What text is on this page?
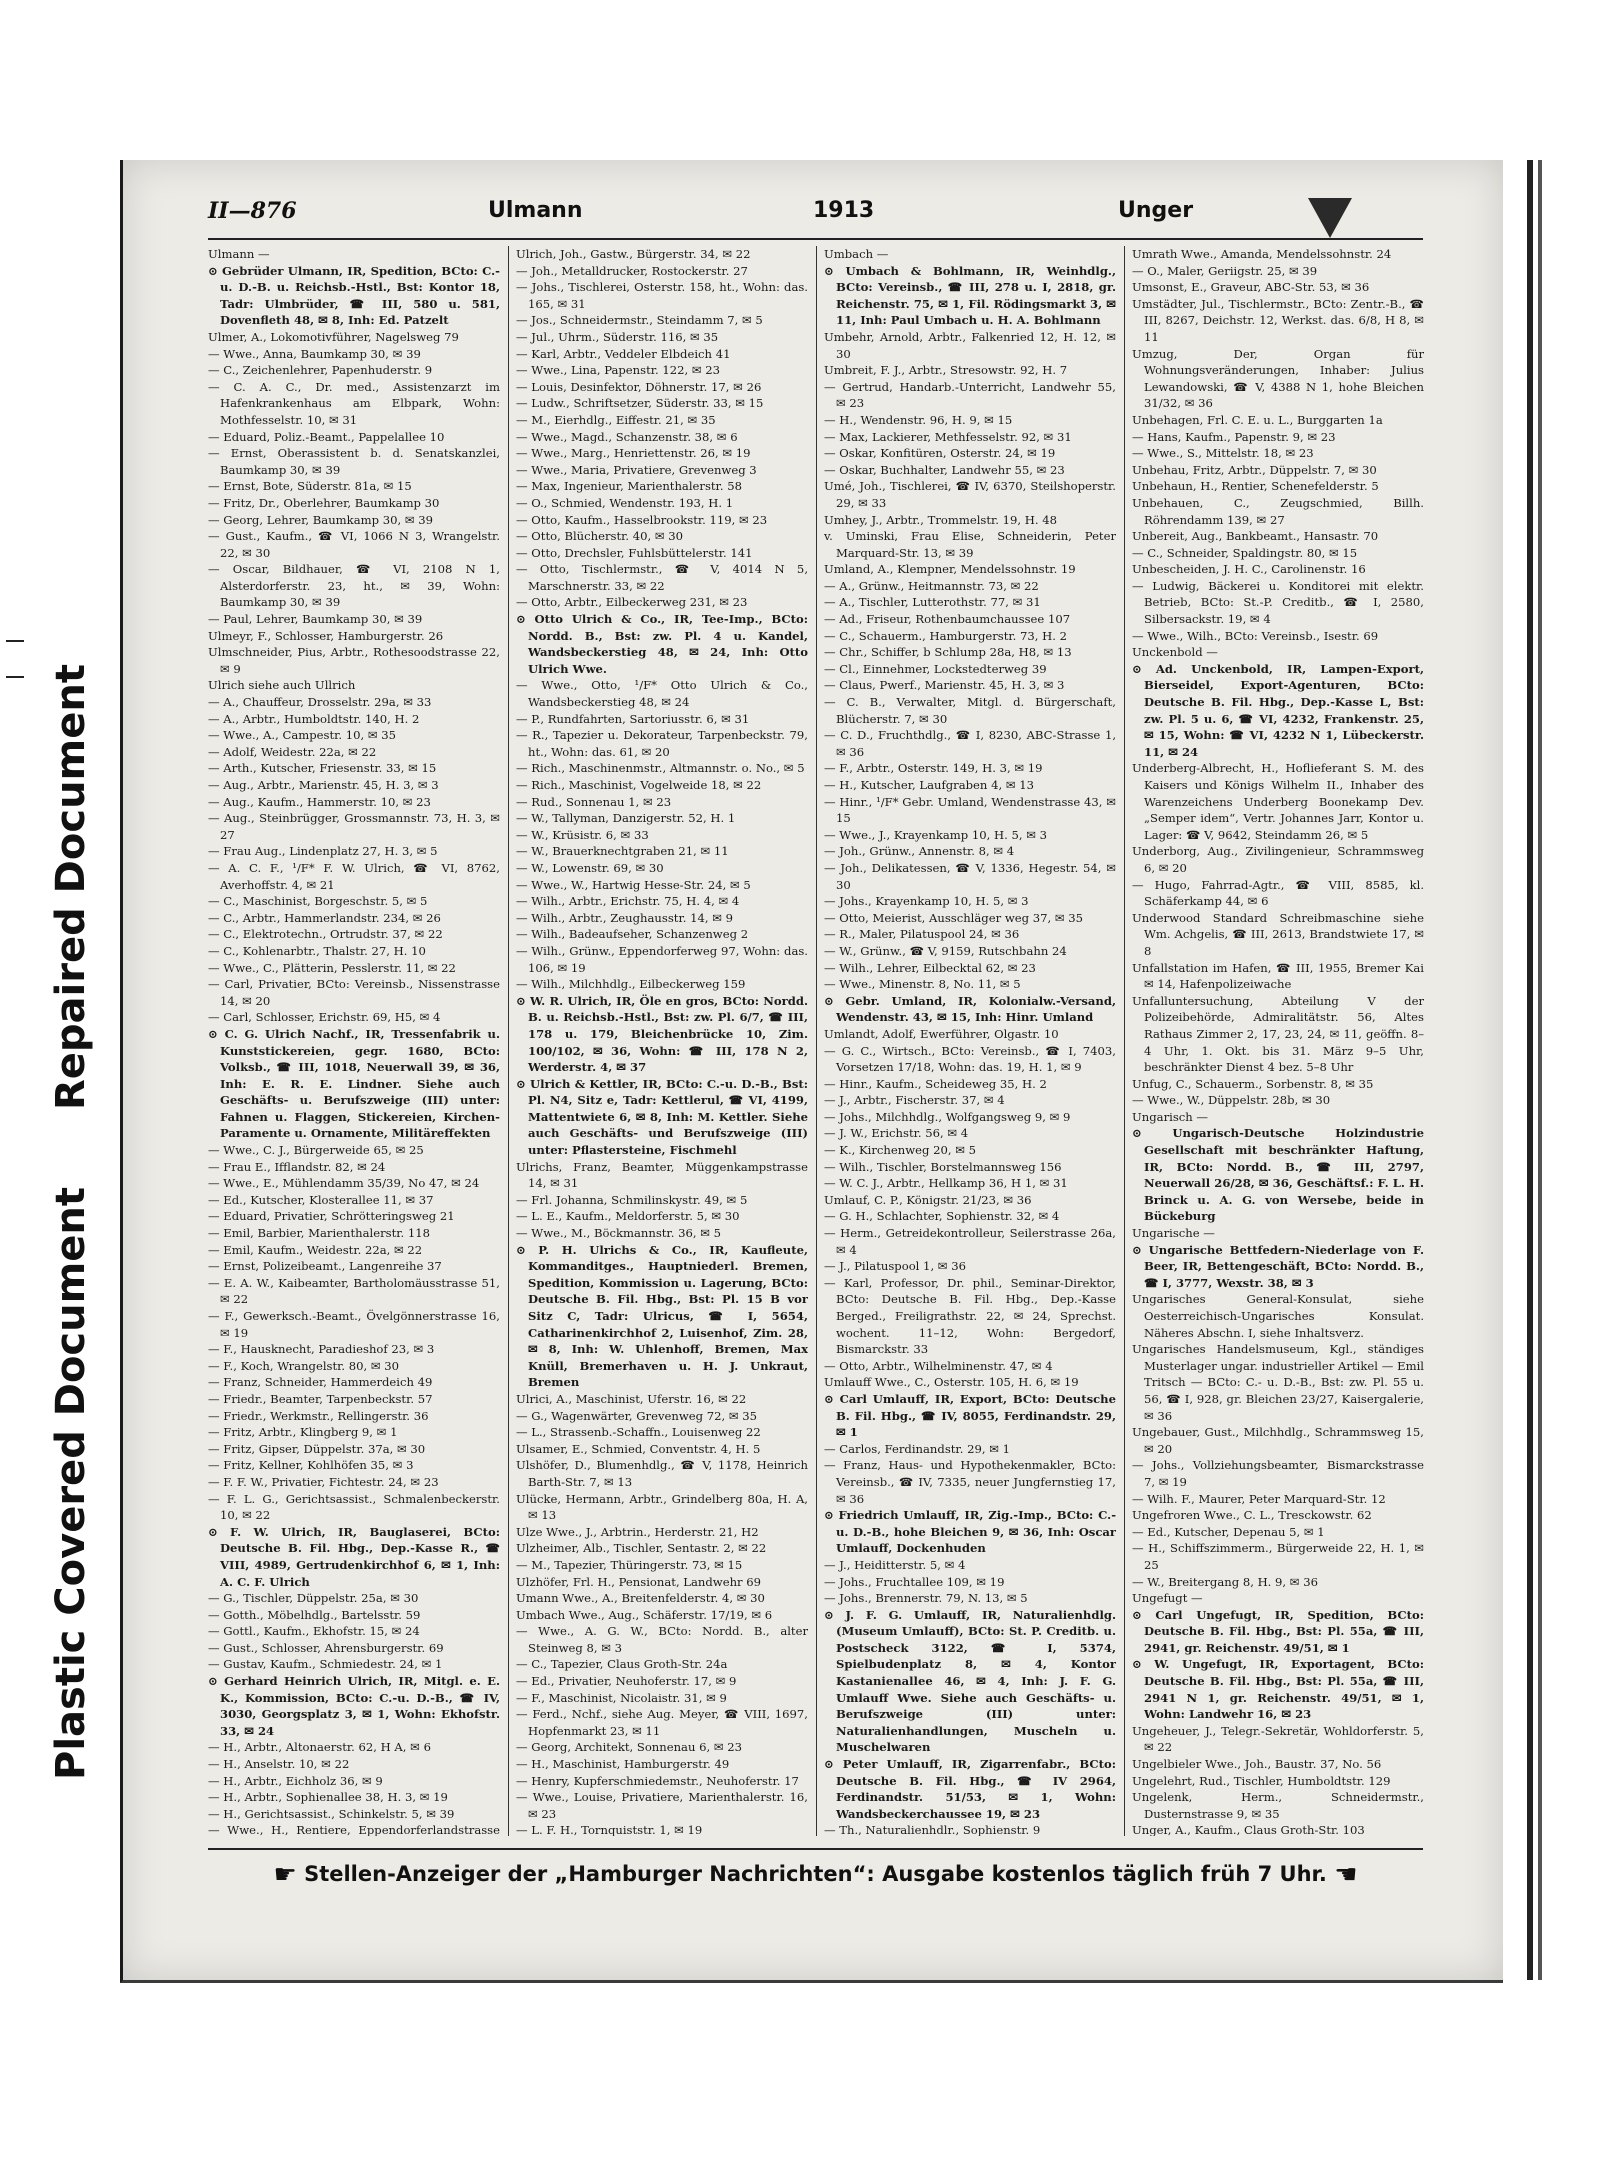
Repaired Document
Plastic Covered Document
II—876	Ulmann	1913	Unger

Ulmann —

⊙ Gebrüder Ulmann, IR, Spedition, BCto: C.-u. D.-B. u. Reichsb.-Hstl., Bst: Kontor 18, Tadr: Ulmbrüder, ☎ III, 580 u. 581, Dovenfleth 48, ✉ 8, Inh: Ed. Patzelt

Ulmer, A., Lokomotivführer, Nagelsweg 79

— Wwe., Anna, Baumkamp 30, ✉ 39

— C., Zeichenlehrer, Papenhuderstr. 9

— C. A. C., Dr. med., Assistenzarzt im Hafenkrankenhaus am Elbpark, Wohn: Mothfesselstr. 10, ✉ 31

— Eduard, Poliz.-Beamt., Pappelallee 10

— Ernst, Oberassistent b. d. Senatskanzlei, Baumkamp 30, ✉ 39

— Ernst, Bote, Süderstr. 81a, ✉ 15

— Fritz, Dr., Oberlehrer, Baumkamp 30

— Georg, Lehrer, Baumkamp 30, ✉ 39

— Gust., Kaufm., ☎ VI, 1066 N 3, Wrangelstr. 22, ✉ 30

— Oscar, Bildhauer, ☎ VI, 2108 N 1, Alsterdorferstr. 23, ht., ✉ 39, Wohn: Baumkamp 30, ✉ 39

— Paul, Lehrer, Baumkamp 30, ✉ 39

Ulmeyr, F., Schlosser, Hamburgerstr. 26

Ulmschneider, Pius, Arbtr., Rothesoodstrasse 22, ✉ 9

Ulrich siehe auch Ullrich

— A., Chauffeur, Drosselstr. 29a, ✉ 33

— A., Arbtr., Humboldtstr. 140, H. 2

— Wwe., A., Campestr. 10, ✉ 35

— Adolf, Weidestr. 22a, ✉ 22

— Arth., Kutscher, Friesenstr. 33, ✉ 15

— Aug., Arbtr., Marienstr. 45, H. 3, ✉ 3

— Aug., Kaufm., Hammerstr. 10, ✉ 23

— Aug., Steinbrügger, Grossmannstr. 73, H. 3, ✉ 27

— Frau Aug., Lindenplatz 27, H. 3, ✉ 5

— A. C. F., ¹/F* F. W. Ulrich, ☎ VI, 8762, Averhoffstr. 4, ✉ 21

— C., Maschinist, Borgeschstr. 5, ✉ 5

— C., Arbtr., Hammerlandstr. 234, ✉ 26

— C., Elektrotechn., Ortrudstr. 37, ✉ 22

— C., Kohlenarbtr., Thalstr. 27, H. 10

— Wwe., C., Plätterin, Pesslerstr. 11, ✉ 22

— Carl, Privatier, BCto: Vereinsb., Nissenstrasse 14, ✉ 20

— Carl, Schlosser, Erichstr. 69, H5, ✉ 4

⊙ C. G. Ulrich Nachf., IR, Tressenfabrik u. Kunststickereien, gegr. 1680, BCto: Volksb., ☎ III, 1018, Neuerwall 39, ✉ 36, Inh: E. R. E. Lindner. Siehe auch Geschäfts- u. Berufszweige (III) unter: Fahnen u. Flaggen, Stickereien, Kirchen-Paramente u. Ornamente, Militäreffekten

— Wwe., C. J., Bürgerweide 65, ✉ 25

— Frau E., Ifflandstr. 82, ✉ 24

— Wwe., E., Mühlendamm 35/39, No 47, ✉ 24

— Ed., Kutscher, Klosterallee 11, ✉ 37

— Eduard, Privatier, Schrötteringsweg 21

— Emil, Barbier, Marienthalerstr. 118

— Emil, Kaufm., Weidestr. 22a, ✉ 22

— Ernst, Polizeibeamt., Langenreihe 37

— E. A. W., Kaibeamter, Bartholomäusstrasse 51, ✉ 22

— F., Gewerksch.-Beamt., Övelgönnerstrasse 16, ✉ 19

— F., Hausknecht, Paradieshof 23, ✉ 3

— F., Koch, Wrangelstr. 80, ✉ 30

— Franz, Schneider, Hammerdeich 49

— Friedr., Beamter, Tarpenbeckstr. 57

— Friedr., Werkmstr., Rellingerstr. 36

— Fritz, Arbtr., Klingberg 9, ✉ 1

— Fritz, Gipser, Düppelstr. 37a, ✉ 30

— Fritz, Kellner, Kohlhöfen 35, ✉ 3

— F. F. W., Privatier, Fichtestr. 24, ✉ 23

— F. L. G., Gerichtsassist., Schmalenbeckerstr. 10, ✉ 22

⊙ F. W. Ulrich, IR, Bauglaserei, BCto: Deutsche B. Fil. Hbg., Dep.-Kasse R., ☎ VIII, 4989, Gertrudenkirchhof 6, ✉ 1, Inh: A. C. F. Ulrich

— G., Tischler, Düppelstr. 25a, ✉ 30

— Gotth., Möbelhdlg., Bartelsstr. 59

— Gottl., Kaufm., Ekhofstr. 15, ✉ 24

— Gust., Schlosser, Ahrensburgerstr. 69

— Gustav, Kaufm., Schmiedestr. 24, ✉ 1

⊙ Gerhard Heinrich Ulrich, IR, Mitgl. e. E. K., Kommission, BCto: C.-u. D.-B., ☎ IV, 3030, Georgsplatz 3, ✉ 1, Wohn: Ekhofstr. 33, ✉ 24

— H., Arbtr., Altonaerstr. 62, H A, ✉ 6

— H., Anselstr. 10, ✉ 22

— H., Arbtr., Eichholz 36, ✉ 9

— H., Arbtr., Sophienallee 38, H. 3, ✉ 19

— H., Gerichtsassist., Schinkelstr. 5, ✉ 39

— Wwe., H., Rentiere, Eppendorferlandstrasse

Ulrich, Joh., Gastw., Bürgerstr. 34, ✉ 22

— Joh., Metalldrucker, Rostockerstr. 27

— Johs., Tischlerei, Osterstr. 158, ht., Wohn: das. 165, ✉ 31

— Jos., Schneidermstr., Steindamm 7, ✉ 5

— Jul., Uhrm., Süderstr. 116, ✉ 35

— Karl, Arbtr., Veddeler Elbdeich 41

— Wwe., Lina, Papenstr. 122, ✉ 23

— Louis, Desinfektor, Döhnerstr. 17, ✉ 26

— Ludw., Schriftsetzer, Süderstr. 33, ✉ 15

— M., Eierhdlg., Eiffestr. 21, ✉ 35

— Wwe., Magd., Schanzenstr. 38, ✉ 6

— Wwe., Marg., Henriettenstr. 26, ✉ 19

— Wwe., Maria, Privatiere, Grevenweg 3

— Max, Ingenieur, Marienthalerstr. 58

— O., Schmied, Wendenstr. 193, H. 1

— Otto, Kaufm., Hasselbrookstr. 119, ✉ 23

— Otto, Blücherstr. 40, ✉ 30

— Otto, Drechsler, Fuhlsbüttelerstr. 141

— Otto, Tischlermstr., ☎ V, 4014 N 5, Marschnerstr. 33, ✉ 22

— Otto, Arbtr., Eilbeckerweg 231, ✉ 23

⊙ Otto Ulrich & Co., IR, Tee-Imp., BCto: Nordd. B., Bst: zw. Pl. 4 u. Kandel, Wandsbeckerstieg 48, ✉ 24, Inh: Otto Ulrich Wwe.

— Wwe., Otto, ¹/F* Otto Ulrich & Co., Wandsbeckerstieg 48, ✉ 24

— P., Rundfahrten, Sartoriusstr. 6, ✉ 31

— R., Tapezier u. Dekorateur, Tarpenbeckstr. 79, ht., Wohn: das. 61, ✉ 20

— Rich., Maschinenmstr., Altmannstr. o. No., ✉ 5

— Rich., Maschinist, Vogelweide 18, ✉ 22

— Rud., Sonnenau 1, ✉ 23

— W., Tallyman, Danzigerstr. 52, H. 1

— W., Krüsistr. 6, ✉ 33

— W., Brauerknechtgraben 21, ✉ 11

— W., Lowenstr. 69, ✉ 30

— Wwe., W., Hartwig Hesse-Str. 24, ✉ 5

— Wilh., Arbtr., Erichstr. 75, H. 4, ✉ 4

— Wilh., Arbtr., Zeughausstr. 14, ✉ 9

— Wilh., Badeaufseher, Schanzenweg 2

— Wilh., Grünw., Eppendorferweg 97, Wohn: das. 106, ✉ 19

— Wilh., Milchhdlg., Eilbeckerweg 159

⊙ W. R. Ulrich, IR, Öle en gros, BCto: Nordd. B. u. Reichsb.-Hstl., Bst: zw. Pl. 6/7, ☎ III, 178 u. 179, Bleichenbrücke 10, Zim. 100/102, ✉ 36, Wohn: ☎ III, 178 N 2, Werderstr. 4, ✉ 37

⊙ Ulrich & Kettler, IR, BCto: C.-u. D.-B., Bst: Pl. N4, Sitz e, Tadr: Kettlerul, ☎ VI, 4199, Mattentwiete 6, ✉ 8, Inh: M. Kettler. Siehe auch Geschäfts- und Berufszweige (III) unter: Pflastersteine, Fischmehl

Ulrichs, Franz, Beamter, Müggenkampstrasse 14, ✉ 31

— Frl. Johanna, Schmilinskystr. 49, ✉ 5

— L. E., Kaufm., Meldorferstr. 5, ✉ 30

— Wwe., M., Böckmannstr. 36, ✉ 5

⊙ P. H. Ulrichs & Co., IR, Kaufleute, Kommanditges., Hauptniederl. Bremen, Spedition, Kommission u. Lagerung, BCto: Deutsche B. Fil. Hbg., Bst: Pl. 15 B vor Sitz C, Tadr: Ulricus, ☎ I, 5654, Catharinenkirchhof 2, Luisenhof, Zim. 28, ✉ 8, Inh: W. Uhlenhoff, Bremen, Max Knüll, Bremerhaven u. H. J. Unkraut, Bremen

Ulrici, A., Maschinist, Uferstr. 16, ✉ 22

— G., Wagenwärter, Grevenweg 72, ✉ 35

— L., Strassenb.-Schaffn., Louisenweg 22

Ulsamer, E., Schmied, Conventstr. 4, H. 5

Ulshöfer, D., Blumenhdlg., ☎ V, 1178, Heinrich Barth-Str. 7, ✉ 13

Ulücke, Hermann, Arbtr., Grindelberg 80a, H. A, ✉ 13

Ulze Wwe., J., Arbtrin., Herderstr. 21, H2

Ulzheimer, Alb., Tischler, Sentastr. 2, ✉ 22

— M., Tapezier, Thüringerstr. 73, ✉ 15

Ulzhöfer, Frl. H., Pensionat, Landwehr 69

Umann Wwe., A., Breitenfelderstr. 4, ✉ 30

Umbach Wwe., Aug., Schäferstr. 17/19, ✉ 6

— Wwe., A. G. W., BCto: Nordd. B., alter Steinweg 8, ✉ 3

— C., Tapezier, Claus Groth-Str. 24a

— Ed., Privatier, Neuhoferstr. 17, ✉ 9

— F., Maschinist, Nicolaistr. 31, ✉ 9

— Ferd., Nchf., siehe Aug. Meyer, ☎ VIII, 1697, Hopfenmarkt 23, ✉ 11

— Georg, Architekt, Sonnenau 6, ✉ 23

— H., Maschinist, Hamburgerstr. 49

— Henry, Kupferschmiedemstr., Neuhoferstr. 17

— Wwe., Louise, Privatiere, Marienthalerstr. 16, ✉ 23

— L. F. H., Tornquiststr. 1, ✉ 19

Umbach —

⊙ Umbach & Bohlmann, IR, Weinhdlg., BCto: Vereinsb., ☎ III, 278 u. I, 2818, gr. Reichenstr. 75, ✉ 1, Fil. Rödingsmarkt 3, ✉ 11, Inh: Paul Umbach u. H. A. Bohlmann

Umbehr, Arnold, Arbtr., Falkenried 12, H. 12, ✉ 30

Umbreit, F. J., Arbtr., Stresowstr. 92, H. 7

— Gertrud, Handarb.-Unterricht, Landwehr 55, ✉ 23

— H., Wendenstr. 96, H. 9, ✉ 15

— Max, Lackierer, Methfesselstr. 92, ✉ 31

— Oskar, Konfitüren, Osterstr. 24, ✉ 19

— Oskar, Buchhalter, Landwehr 55, ✉ 23

Umé, Joh., Tischlerei, ☎ IV, 6370, Steilshoperstr. 29, ✉ 33

Umhey, J., Arbtr., Trommelstr. 19, H. 48

v. Uminski, Frau Elise, Schneiderin, Peter Marquard-Str. 13, ✉ 39

Umland, A., Klempner, Mendelssohnstr. 19

— A., Grünw., Heitmannstr. 73, ✉ 22

— A., Tischler, Lutterothstr. 77, ✉ 31

— Ad., Friseur, Rothenbaumchaussee 107

— C., Schauerm., Hamburgerstr. 73, H. 2

— Chr., Schiffer, b Schlump 28a, H8, ✉ 13

— Cl., Einnehmer, Lockstedterweg 39

— Claus, Pwerf., Marienstr. 45, H. 3, ✉ 3

— C. B., Verwalter, Mitgl. d. Bürgerschaft, Blücherstr. 7, ✉ 30

— C. D., Fruchthdlg., ☎ I, 8230, ABC-Strasse 1, ✉ 36

— F., Arbtr., Osterstr. 149, H. 3, ✉ 19

— H., Kutscher, Laufgraben 4, ✉ 13

— Hinr., ¹/F* Gebr. Umland, Wendenstrasse 43, ✉ 15

— Wwe., J., Krayenkamp 10, H. 5, ✉ 3

— Joh., Grünw., Annenstr. 8, ✉ 4

— Joh., Delikatessen, ☎ V, 1336, Hegestr. 54, ✉ 30

— Johs., Krayenkamp 10, H. 5, ✉ 3

— Otto, Meierist, Ausschläger weg 37, ✉ 35

— R., Maler, Pilatuspool 24, ✉ 36

— W., Grünw., ☎ V, 9159, Rutschbahn 24

— Wilh., Lehrer, Eilbecktal 62, ✉ 23

— Wwe., Minenstr. 8, No. 11, ✉ 5

⊙ Gebr. Umland, IR, Kolonialw.-Versand, Wendenstr. 43, ✉ 15, Inh: Hinr. Umland

Umlandt, Adolf, Ewerführer, Olgastr. 10

— G. C., Wirtsch., BCto: Vereinsb., ☎ I, 7403, Vorsetzen 17/18, Wohn: das. 19, H. 1, ✉ 9

— Hinr., Kaufm., Scheideweg 35, H. 2

— J., Arbtr., Fischerstr. 37, ✉ 4

— Johs., Milchhdlg., Wolfgangsweg 9, ✉ 9

— J. W., Erichstr. 56, ✉ 4

— K., Kirchenweg 20, ✉ 5

— Wilh., Tischler, Borstelmannsweg 156

— W. C. J., Arbtr., Hellkamp 36, H 1, ✉ 31

Umlauf, C. P., Königstr. 21/23, ✉ 36

— G. H., Schlachter, Sophienstr. 32, ✉ 4

— Herm., Getreidekontrolleur, Seilerstrasse 26a, ✉ 4

— J., Pilatuspool 1, ✉ 36

— Karl, Professor, Dr. phil., Seminar-Direktor, BCto: Deutsche B. Fil. Hbg., Dep.-Kasse Berged., Freiligrathstr. 22, ✉ 24, Sprechst. wochent. 11–12, Wohn: Bergedorf, Bismarckstr. 33

— Otto, Arbtr., Wilhelminenstr. 47, ✉ 4

Umlauff Wwe., C., Osterstr. 105, H. 6, ✉ 19

⊙ Carl Umlauff, IR, Export, BCto: Deutsche B. Fil. Hbg., ☎ IV, 8055, Ferdinandstr. 29, ✉ 1

— Carlos, Ferdinandstr. 29, ✉ 1

— Franz, Haus- und Hypothekenmakler, BCto: Vereinsb., ☎ IV, 7335, neuer Jungfernstieg 17, ✉ 36

⊙ Friedrich Umlauff, IR, Zig.-Imp., BCto: C.- u. D.-B., hohe Bleichen 9, ✉ 36, Inh: Oscar Umlauff, Dockenhuden

— J., Heiditterstr. 5, ✉ 4

— Johs., Fruchtallee 109, ✉ 19

— Johs., Brennerstr. 79, N. 13, ✉ 5

⊙ J. F. G. Umlauff, IR, Naturalienhdlg. (Museum Umlauff), BCto: St. P. Creditb. u. Postscheck 3122, ☎ I, 5374, Spielbudenplatz 8, ✉ 4, Kontor Kastanienallee 46, ✉ 4, Inh: J. F. G. Umlauff Wwe. Siehe auch Geschäfts- u. Berufszweige (III) unter: Naturalienhandlungen, Muscheln u. Muschelwaren

⊙ Peter Umlauff, IR, Zigarrenfabr., BCto: Deutsche B. Fil. Hbg., ☎ IV 2964, Ferdinandstr. 51/53, ✉ 1, Wohn: Wandsbeckerchaussee 19, ✉ 23

— Th., Naturalienhdlr., Sophienstr. 9

Umrath Wwe., Amanda, Mendelssohnstr. 24

— O., Maler, Geriigstr. 25, ✉ 39

Umsonst, E., Graveur, ABC-Str. 53, ✉ 36

Umstädter, Jul., Tischlermstr., BCto: Zentr.-B., ☎ III, 8267, Deichstr. 12, Werkst. das. 6/8, H 8, ✉ 11

Umzug, Der, Organ für Wohnungsveränderungen, Inhaber: Julius Lewandowski, ☎ V, 4388 N 1, hohe Bleichen 31/32, ✉ 36

Unbehagen, Frl. C. E. u. L., Burggarten 1a

— Hans, Kaufm., Papenstr. 9, ✉ 23

— Wwe., S., Mittelstr. 18, ✉ 23

Unbehau, Fritz, Arbtr., Düppelstr. 7, ✉ 30

Unbehaun, H., Rentier, Schenefelderstr. 5

Unbehauen, C., Zeugschmied, Billh. Röhrendamm 139, ✉ 27

Unbereit, Aug., Bankbeamt., Hansastr. 70

— C., Schneider, Spaldingstr. 80, ✉ 15

Unbescheiden, J. H. C., Carolinenstr. 16

— Ludwig, Bäckerei u. Konditorei mit elektr. Betrieb, BCto: St.-P. Creditb., ☎ I, 2580, Silbersackstr. 19, ✉ 4

— Wwe., Wilh., BCto: Vereinsb., Isestr. 69

Unckenbold —

⊙ Ad. Unckenbold, IR, Lampen-Export, Bierseidel, Export-Agenturen, BCto: Deutsche B. Fil. Hbg., Dep.-Kasse L, Bst: zw. Pl. 5 u. 6, ☎ VI, 4232, Frankenstr. 25, ✉ 15, Wohn: ☎ VI, 4232 N 1, Lübeckerstr. 11, ✉ 24

Underberg-Albrecht, H., Hoflieferant S. M. des Kaisers und Königs Wilhelm II., Inhaber des Warenzeichens Underberg Boonekamp Dev. „Semper idem“, Vertr. Johannes Jarr, Kontor u. Lager: ☎ V, 9642, Steindamm 26, ✉ 5

Underborg, Aug., Zivilingenieur, Schrammsweg 6, ✉ 20

— Hugo, Fahrrad-Agtr., ☎ VIII, 8585, kl. Schäferkamp 44, ✉ 6

Underwood Standard Schreibmaschine siehe Wm. Achgelis, ☎ III, 2613, Brandstwiete 17, ✉ 8

Unfallstation im Hafen, ☎ III, 1955, Bremer Kai ✉ 14, Hafenpolizeiwache

Unfalluntersuchung, Abteilung V der Polizeibehörde, Admiralitätstr. 56, Altes Rathaus Zimmer 2, 17, 23, 24, ✉ 11, geöffn. 8–4 Uhr, 1. Okt. bis 31. März 9–5 Uhr, beschränkter Dienst 4 bez. 5–8 Uhr

Unfug, C., Schauerm., Sorbenstr. 8, ✉ 35

— Wwe., W., Düppelstr. 28b, ✉ 30

Ungarisch —

⊙ Ungarisch-Deutsche Holzindustrie Gesellschaft mit beschränkter Haftung, IR, BCto: Nordd. B., ☎ III, 2797, Neuerwall 26/28, ✉ 36, Geschäftsf.: F. L. H. Brinck u. A. G. von Wersebe, beide in Bückeburg

Ungarische —

⊙ Ungarische Bettfedern-Niederlage von F. Beer, IR, Bettengeschäft, BCto: Nordd. B., ☎ I, 3777, Wexstr. 38, ✉ 3

Ungarisches General-Konsulat, siehe Oesterreichisch-Ungarisches Konsulat. Näheres Abschn. I, siehe Inhaltsverz.

Ungarisches Handelsmuseum, Kgl., ständiges Musterlager ungar. industrieller Artikel — Emil Tritsch — BCto: C.- u. D.-B., Bst: zw. Pl. 55 u. 56, ☎ I, 928, gr. Bleichen 23/27, Kaisergalerie, ✉ 36

Ungebauer, Gust., Milchhdlg., Schrammsweg 15, ✉ 20

— Johs., Vollziehungsbeamter, Bismarckstrasse 7, ✉ 19

— Wilh. F., Maurer, Peter Marquard-Str. 12

Ungefroren Wwe., C. L., Tresckowstr. 62

— Ed., Kutscher, Depenau 5, ✉ 1

— H., Schiffszimmerm., Bürgerweide 22, H. 1, ✉ 25

— W., Breitergang 8, H. 9, ✉ 36

Ungefugt —

⊙ Carl Ungefugt, IR, Spedition, BCto: Deutsche B. Fil. Hbg., Bst: Pl. 55a, ☎ III, 2941, gr. Reichenstr. 49/51, ✉ 1

⊙ W. Ungefugt, IR, Exportagent, BCto: Deutsche B. Fil. Hbg., Bst: Pl. 55a, ☎ III, 2941 N 1, gr. Reichenstr. 49/51, ✉ 1, Wohn: Landwehr 16, ✉ 23

Ungeheuer, J., Telegr.-Sekretär, Wohldorferstr. 5, ✉ 22

Ungelbieler Wwe., Joh., Baustr. 37, No. 56

Ungelehrt, Rud., Tischler, Humboldtstr. 129

Ungelenk, Herm., Schneidermstr., Dusternstrasse 9, ✉ 35

Unger, A., Kaufm., Claus Groth-Str. 103

☛ Stellen-Anzeiger der „Hamburger Nachrichten“: Ausgabe kostenlos täglich früh 7 Uhr. ☚
